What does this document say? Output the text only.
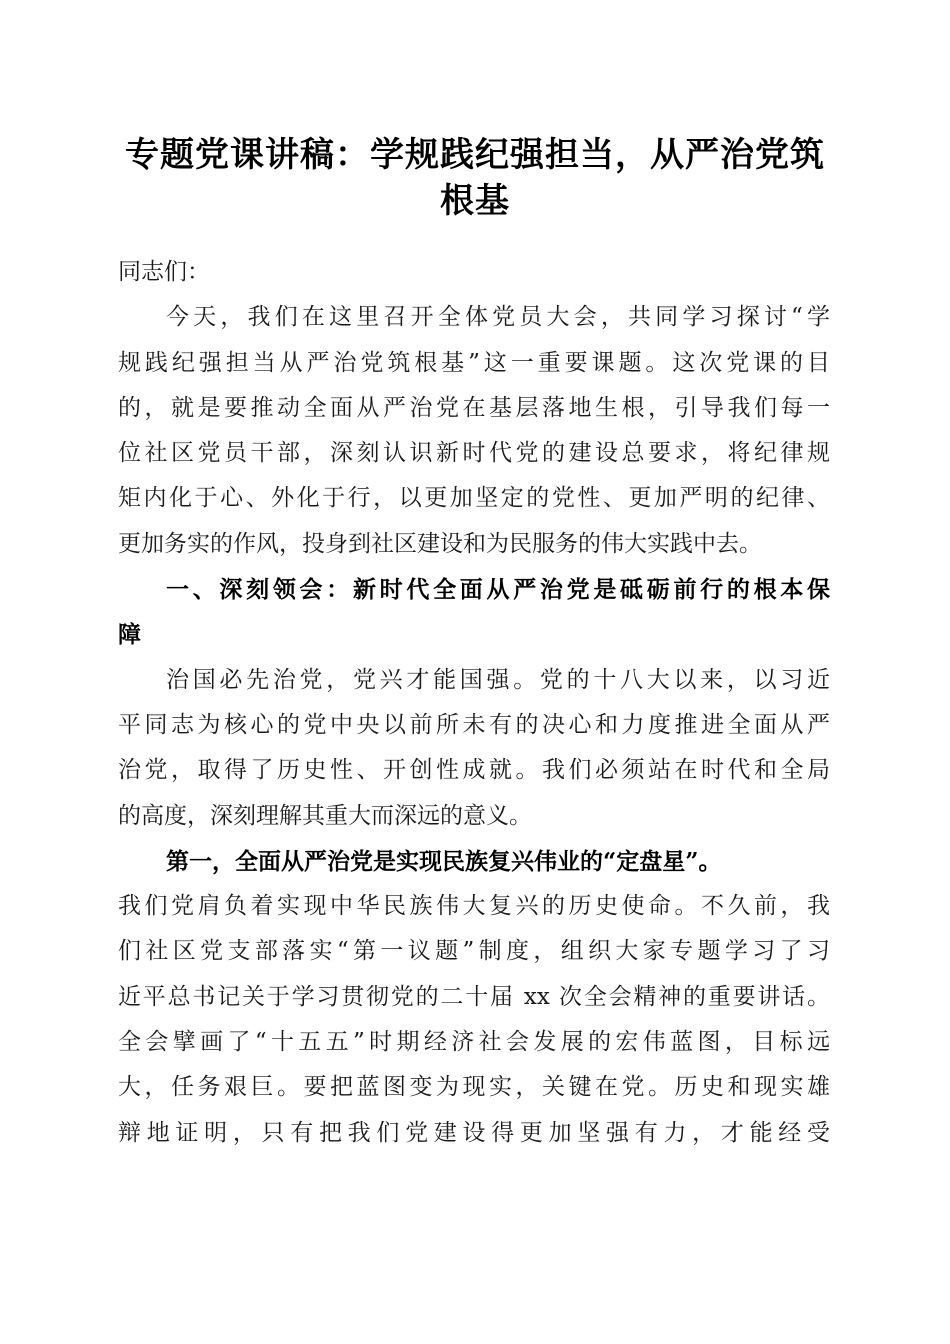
专题党课讲稿：学规践纪强担当，从严治党筑
根基

同志们：

今天，我们在这里召开全体党员大会，共同学习探讨“学
规践纪强担当从严治党筑根基”这一重要课题。这次党课的目
的，就是要推动全面从严治党在基层落地生根，引导我们每一
位社区党员干部，深刻认识新时代党的建设总要求，将纪律规
矩内化于心、外化于行，以更加坚定的党性、更加严明的纪律、
更加务实的作风，投身到社区建设和为民服务的伟大实践中去。

一、深刻领会：新时代全面从严治党是砥砺前行的根本保
障

治国必先治党，党兴才能国强。党的十八大以来，以习近
平同志为核心的党中央以前所未有的决心和力度推进全面从严
治党，取得了历史性、开创性成就。我们必须站在时代和全局
的高度，深刻理解其重大而深远的意义。

第一，全面从严治党是实现民族复兴伟业的“定盘星”。
我们党肩负着实现中华民族伟大复兴的历史使命。不久前，我
们社区党支部落实“第一议题”制度，组织大家专题学习了习
近平总书记关于学习贯彻党的二十届 xx 次全会精神的重要讲话。
全会擘画了“十五五”时期经济社会发展的宏伟蓝图，目标远
大，任务艰巨。要把蓝图变为现实，关键在党。历史和现实雄
辩地证明，只有把我们党建设得更加坚强有力，才能经受
